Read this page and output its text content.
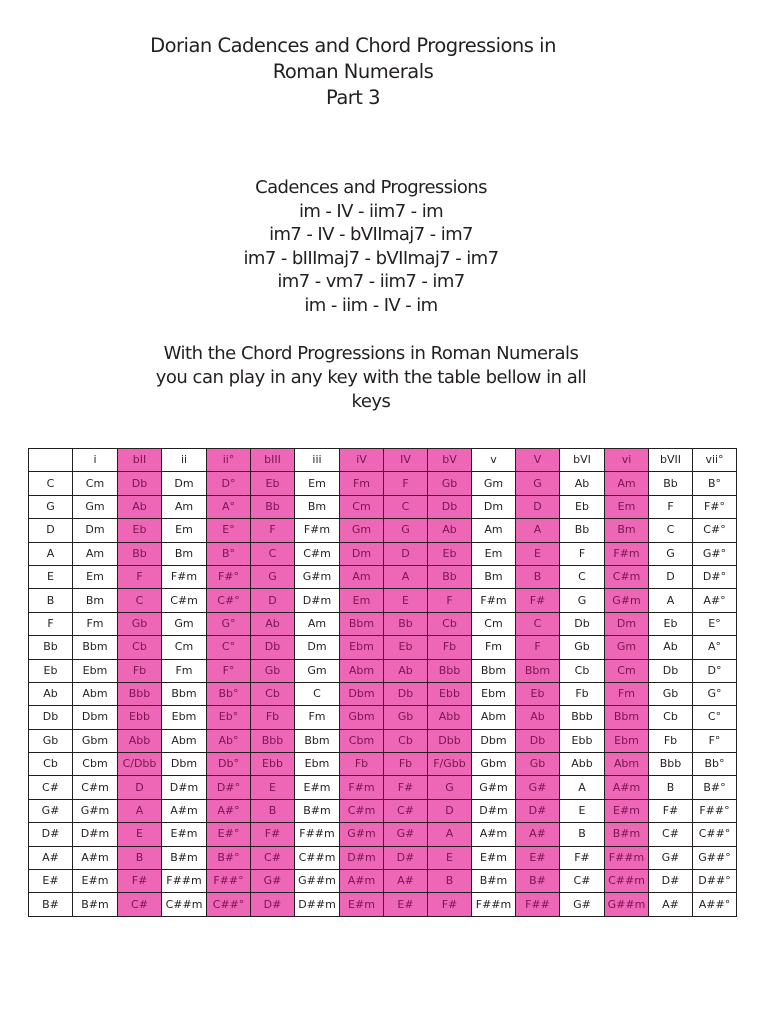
Dorian Cadences and Chord Progressions in
Roman Numerals
Part 3
Cadences and Progressions
im - IV - iim7 - im
im7 - IV - bVIImaj7 - im7
im7 - bIIImaj7 - bVIImaj7 - im7
im7 - vm7 - iim7 - im7
im - iim - IV - im
With the Chord Progressions in Roman Numerals
you can play in any key with the table bellow in all
keys
	i	bII	ii	ii°	bIII	iii	iV	IV	bV	v	V	bVI	vi	bVII	vii°
C	Cm	Db	Dm	D°	Eb	Em	Fm	F	Gb	Gm	G	Ab	Am	Bb	B°
G	Gm	Ab	Am	A°	Bb	Bm	Cm	C	Db	Dm	D	Eb	Em	F	F#°
D	Dm	Eb	Em	E°	F	F#m	Gm	G	Ab	Am	A	Bb	Bm	C	C#°
A	Am	Bb	Bm	B°	C	C#m	Dm	D	Eb	Em	E	F	F#m	G	G#°
E	Em	F	F#m	F#°	G	G#m	Am	A	Bb	Bm	B	C	C#m	D	D#°
B	Bm	C	C#m	C#°	D	D#m	Em	E	F	F#m	F#	G	G#m	A	A#°
F	Fm	Gb	Gm	G°	Ab	Am	Bbm	Bb	Cb	Cm	C	Db	Dm	Eb	E°
Bb	Bbm	Cb	Cm	C°	Db	Dm	Ebm	Eb	Fb	Fm	F	Gb	Gm	Ab	A°
Eb	Ebm	Fb	Fm	F°	Gb	Gm	Abm	Ab	Bbb	Bbm	Bbm	Cb	Cm	Db	D°
Ab	Abm	Bbb	Bbm	Bb°	Cb	C	Dbm	Db	Ebb	Ebm	Eb	Fb	Fm	Gb	G°
Db	Dbm	Ebb	Ebm	Eb°	Fb	Fm	Gbm	Gb	Abb	Abm	Ab	Bbb	Bbm	Cb	C°
Gb	Gbm	Abb	Abm	Ab°	Bbb	Bbm	Cbm	Cb	Dbb	Dbm	Db	Ebb	Ebm	Fb	F°
Cb	Cbm	C/Dbb	Dbm	Db°	Ebb	Ebm	Fb	Fb	F/Gbb	Gbm	Gb	Abb	Abm	Bbb	Bb°
C#	C#m	D	D#m	D#°	E	E#m	F#m	F#	G	G#m	G#	A	A#m	B	B#°
G#	G#m	A	A#m	A#°	B	B#m	C#m	C#	D	D#m	D#	E	E#m	F#	F##°
D#	D#m	E	E#m	E#°	F#	F##m	G#m	G#	A	A#m	A#	B	B#m	C#	C##°
A#	A#m	B	B#m	B#°	C#	C##m	D#m	D#	E	E#m	E#	F#	F##m	G#	G##°
E#	E#m	F#	F##m	F##°	G#	G##m	A#m	A#	B	B#m	B#	C#	C##m	D#	D##°
B#	B#m	C#	C##m	C##°	D#	D##m	E#m	E#	F#	F##m	F##	G#	G##m	A#	A##°
